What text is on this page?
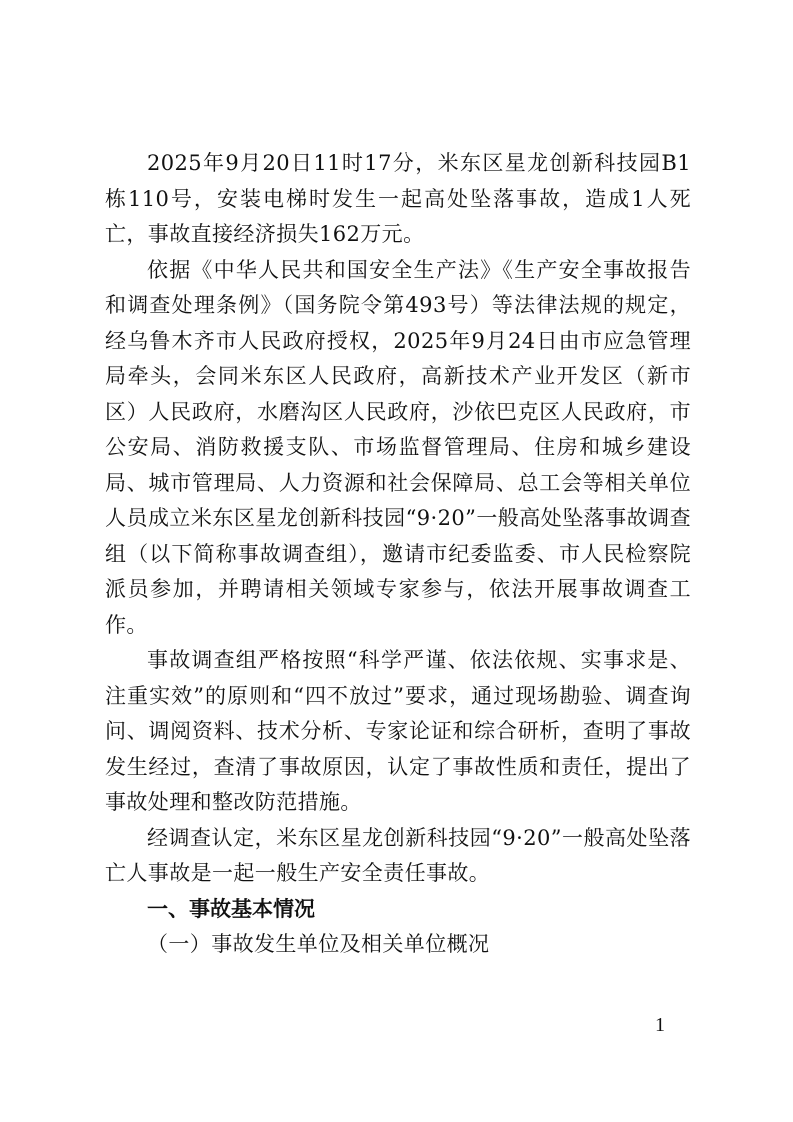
2025年9月20日11时17分，米东区星龙创新科技园B1栋110号，安装电梯时发生一起高处坠落事故，造成1人死亡，事故直接经济损失162万元。

依据《中华人民共和国安全生产法》《生产安全事故报告和调查处理条例》（国务院令第493号）等法律法规的规定，经乌鲁木齐市人民政府授权，2025年9月24日由市应急管理局牵头，会同米东区人民政府，高新技术产业开发区（新市区）人民政府，水磨沟区人民政府，沙依巴克区人民政府，市公安局、消防救援支队、市场监督管理局、住房和城乡建设局、城市管理局、人力资源和社会保障局、总工会等相关单位人员成立米东区星龙创新科技园“9·20”一般高处坠落事故调查组（以下简称事故调查组），邀请市纪委监委、市人民检察院派员参加，并聘请相关领域专家参与，依法开展事故调查工作。

事故调查组严格按照“科学严谨、依法依规、实事求是、注重实效”的原则和“四不放过”要求，通过现场勘验、调查询问、调阅资料、技术分析、专家论证和综合研析，查明了事故发生经过，查清了事故原因，认定了事故性质和责任，提出了事故处理和整改防范措施。

经调查认定，米东区星龙创新科技园“9·20”一般高处坠落亡人事故是一起一般生产安全责任事故。

一、事故基本情况

（一）事故发生单位及相关单位概况

1
